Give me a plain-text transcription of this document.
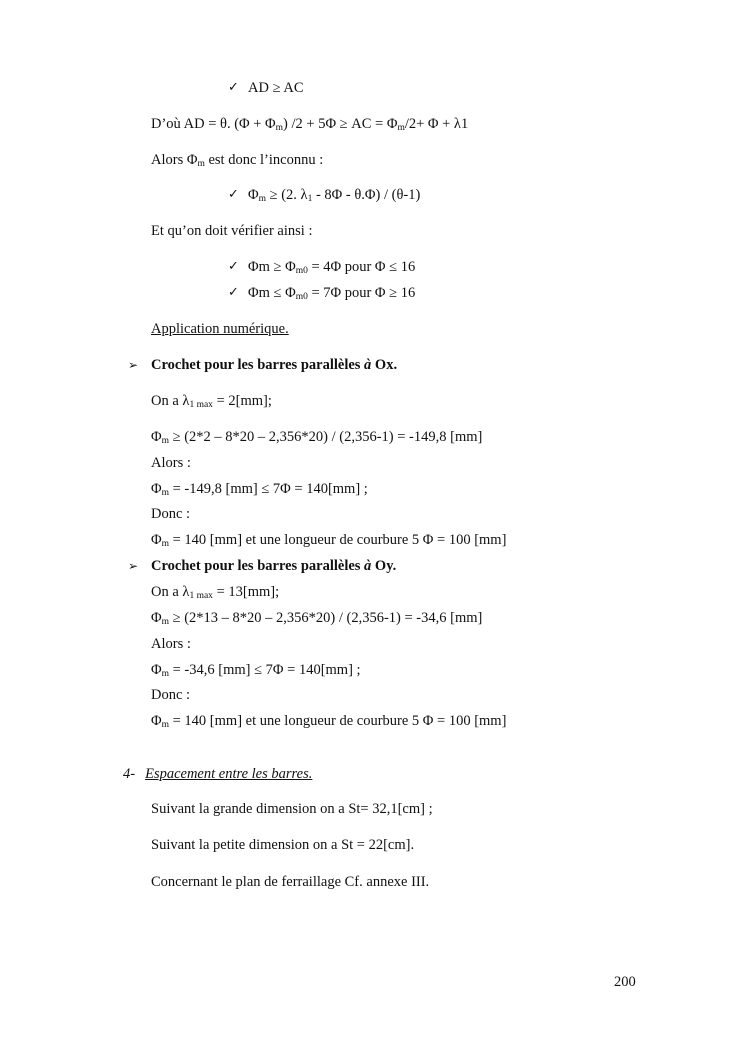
✓ AD ≥ AC
D’où AD = θ. $(\Phi + \Phi_m)$ /2 + 5Φ ≥ AC = $\Phi_m/2+ \Phi + \lambda 1$
Alors $\Phi_m$ est donc l’inconnu :
✓ $\Phi_m \ge (2$. $\lambda_1 - 8\Phi - \theta.\Phi) / (\theta-1)$
Et qu’on doit vérifier ainsi :
✓ $\Phi m \ge \Phi_{m0} = 4\Phi$ pour Φ ≤ 16
✓ $\Phi m \le \Phi_{m0} = 7\Phi$ pour Φ ≥ 16
Application numérique.
➢ Crochet pour les barres parallèles à Ox.
On a $\lambda_{1 max} = 2[mm]$;
$\Phi_m \ge (2*2 - 8*20 - 2,356*20) / (2,356-1) = -149,8$ [mm]
Alors :
$\Phi_m = -149,8$ [mm] ≤ 7Φ = 140[mm] ;
Donc :
$\Phi_m = 140$ [mm] et une longueur de courbure 5 Φ = 100 [mm]
➢ Crochet pour les barres parallèles à Oy.
On a $\lambda_{1 max} = 13[mm]$;
$\Phi_m \ge (2*13 - 8*20 - 2,356*20) / (2,356-1) = -34,6$ [mm]
Alors :
$\Phi_m = -34,6$ [mm] ≤ 7Φ = 140[mm] ;
Donc :
$\Phi_m = 140$ [mm] et une longueur de courbure 5 Φ = 100 [mm]
4- Espacement entre les barres.
Suivant la grande dimension on a St= 32,1[cm] ;
Suivant la petite dimension on a St = 22[cm].
Concernant le plan de ferraillage Cf. annexe III.
200
